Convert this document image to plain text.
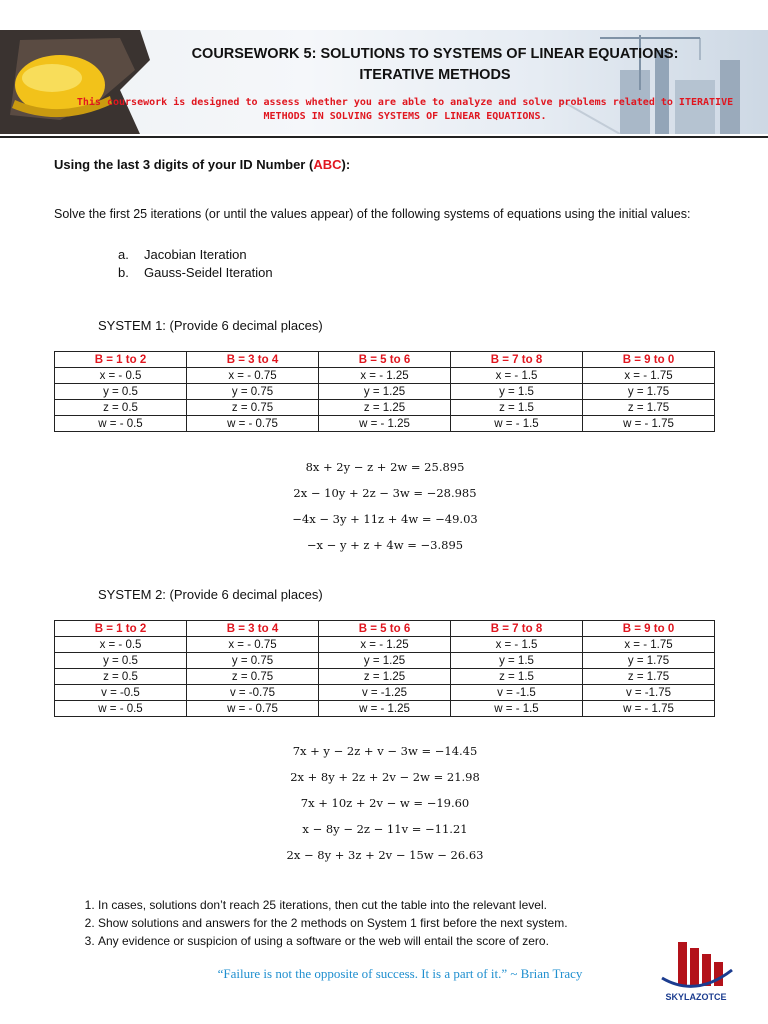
COURSEWORK 5: SOLUTIONS TO SYSTEMS OF LINEAR EQUATIONS:
ITERATIVE METHODS
This coursework is designed to assess whether you are able to analyze and solve problems related to ITERATIVE
METHODS IN SOLVING SYSTEMS OF LINEAR EQUATIONS.
Using the last 3 digits of your ID Number (ABC):
Solve the first 25 iterations (or until the values appear) of the following systems of equations using the initial values:
a. Jacobian Iteration
b. Gauss-Seidel Iteration
SYSTEM 1: (Provide 6 decimal places)
B = 1 to 2	B = 3 to 4	B = 5 to 6	B = 7 to 8	B = 9 to 0
x = - 0.5	x = - 0.75	x = - 1.25	x = - 1.5	x = - 1.75
y = 0.5	y = 0.75	y = 1.25	y = 1.5	y = 1.75
z = 0.5	z = 0.75	z = 1.25	z = 1.5	z = 1.75
w = - 0.5	w = - 0.75	w = - 1.25	w = - 1.5	w = - 1.75
8x + 2y − z + 2w = 25.895
2x − 10y + 2z − 3w = −28.985
−4x − 3y + 11z + 4w = −49.03
−x − y + z + 4w = −3.895
SYSTEM 2: (Provide 6 decimal places)
B = 1 to 2	B = 3 to 4	B = 5 to 6	B = 7 to 8	B = 9 to 0
x = - 0.5	x = - 0.75	x = - 1.25	x = - 1.5	x = - 1.75
y = 0.5	y = 0.75	y = 1.25	y = 1.5	y = 1.75
z = 0.5	z = 0.75	z = 1.25	z = 1.5	z = 1.75
v = -0.5	v = -0.75	v = -1.25	v = -1.5	v = -1.75
w = - 0.5	w = - 0.75	w = - 1.25	w = - 1.5	w = - 1.75
7x + y − 2z + v − 3w = −14.45
2x + 8y + 2z + 2v − 2w = 21.98
7x + 10z + 2v − w = −19.60
x − 8y − 2z − 11v = −11.21
2x − 8y + 3z + 2v − 15w − 26.63
1. In cases, solutions don’t reach 25 iterations, then cut the table into the relevant level.
2. Show solutions and answers for the 2 methods on System 1 first before the next system.
3. Any evidence or suspicion of using a software or the web will entail the score of zero.
“Failure is not the opposite of success. It is a part of it.” ~ Brian Tracy
SKYLAZOTCE
